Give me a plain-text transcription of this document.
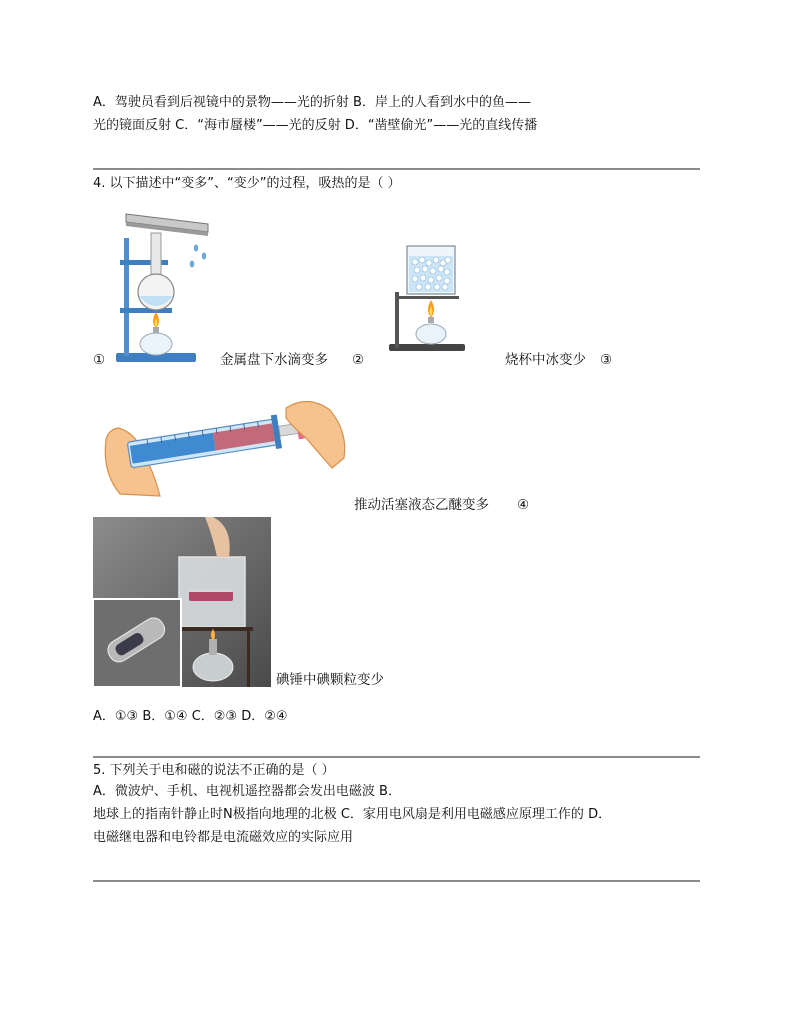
A．驾驶员看到后视镜中的景物——光的折射 B．岸上的人看到水中的鱼——
光的镜面反射 C．“海市蜃楼”——光的反射 D．“凿壁偷光”——光的直线传播
4. 以下描述中“变多”、“变少”的过程，吸热的是（ ）
①	金属盘下水滴变多 ②	烧杯中冰变少 ③
推动活塞液态乙醚变多 ④
碘锤中碘颗粒变少
A．①③ B．①④ C．②③ D．②④
5. 下列关于电和磁的说法不正确的是（ ）
A．微波炉、手机、电视机遥控器都会发出电磁波 B．
地球上的指南针静止时N极指向地理的北极 C．家用电风扇是利用电磁感应原理工作的 D．
电磁继电器和电铃都是电流磁效应的实际应用
